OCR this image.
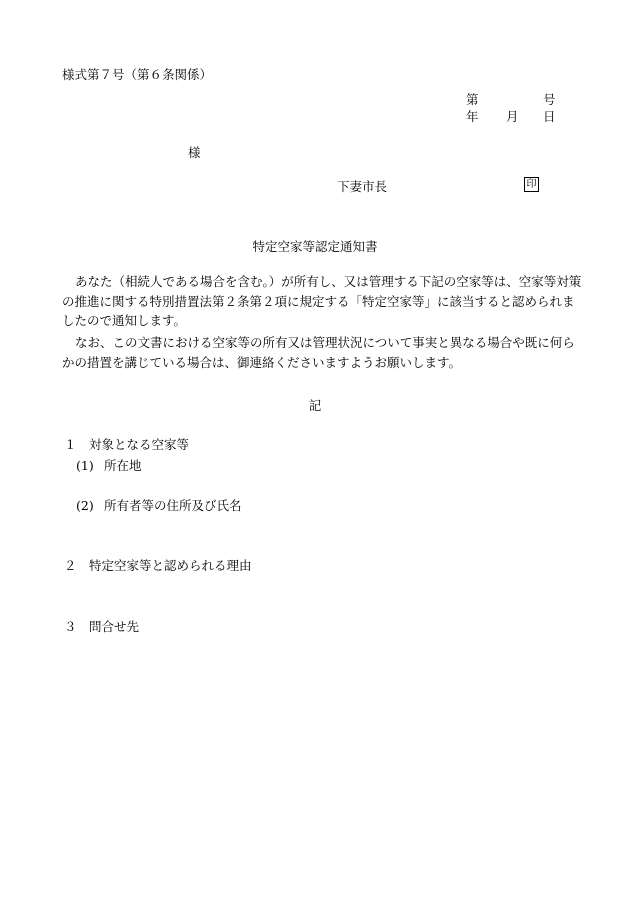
様式第７号（第６条関係）
第	号
年 月 日
様
下妻市長	印
特定空家等認定通知書

あなた（相続人である場合を含む。）が所有し、又は管理する下記の空家等は、空家等対策の推進に関する特別措置法第２条第２項に規定する「特定空家等」に該当すると認められましたので通知します。

なお、この文書における空家等の所有又は管理状況について事実と異なる場合や既に何らかの措置を講じている場合は、御連絡くださいますようお願いします。

記
１ 対象となる空家等
(1) 所在地
(2) 所有者等の住所及び氏名
２ 特定空家等と認められる理由
３ 問合せ先
